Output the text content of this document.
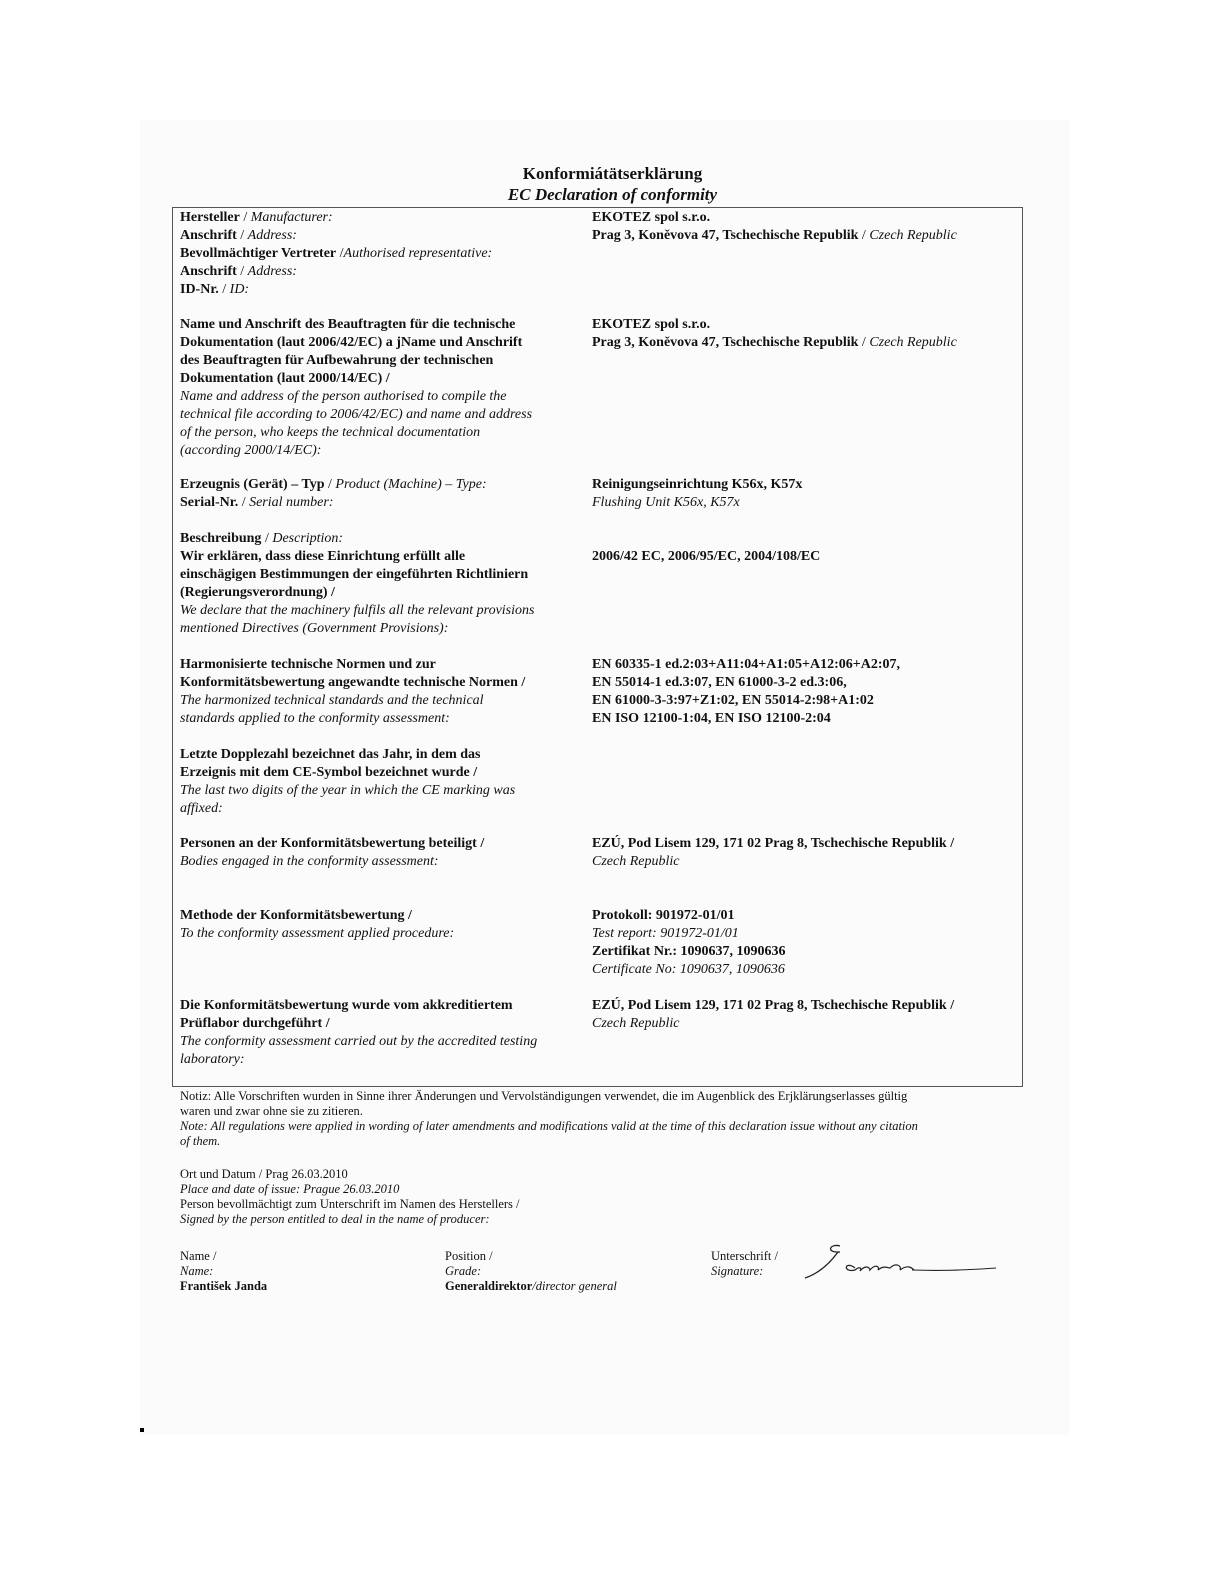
Konformiátätserklärung
EC Declaration of conformity
Hersteller / Manufacturer:
Anschrift / Address:
Bevollmächtiger Vertreter /Authorised representative:
Anschrift / Address:
ID-Nr. / ID:
EKOTEZ spol s.r.o.
Prag 3, Koněvova 47, Tschechische Republik / Czech Republic
Name und Anschrift des Beauftragten für die technische
Dokumentation (laut 2006/42/EC) a jName und Anschrift
des Beauftragten für Aufbewahrung der technischen
Dokumentation (laut 2000/14/EC) /
Name and address of the person authorised to compile the
technical file according to 2006/42/EC) and name and address
of the person, who keeps the technical documentation
(according 2000/14/EC):
EKOTEZ spol s.r.o.
Prag 3, Koněvova 47, Tschechische Republik / Czech Republic
Erzeugnis (Gerät) – Typ / Product (Machine) – Type:
Serial-Nr. / Serial number:
Reinigungseinrichtung K56x, K57x
Flushing Unit K56x, K57x
Beschreibung / Description:
Wir erklären, dass diese Einrichtung erfüllt alle
einschägigen Bestimmungen der eingeführten Richtliniern
(Regierungsverordnung) /
We declare that the machinery fulfils all the relevant provisions
mentioned Directives (Government Provisions):
2006/42 EC, 2006/95/EC, 2004/108/EC
Harmonisierte technische Normen und zur
Konformitätsbewertung angewandte technische Normen /
The harmonized technical standards and the technical
standards applied to the conformity assessment:
EN 60335-1 ed.2:03+A11:04+A1:05+A12:06+A2:07,
EN 55014-1 ed.3:07, EN 61000-3-2 ed.3:06,
EN 61000-3-3:97+Z1:02, EN 55014-2:98+A1:02
EN ISO 12100-1:04, EN ISO 12100-2:04
Letzte Dopplezahl bezeichnet das Jahr, in dem das
Erzeignis mit dem CE-Symbol bezeichnet wurde /
The last two digits of the year in which the CE marking was
affixed:
Personen an der Konformitätsbewertung beteiligt /
Bodies engaged in the conformity assessment:
EZÚ, Pod Lisem 129, 171 02 Prag 8, Tschechische Republik /
Czech Republic
Methode der Konformitätsbewertung /
To the conformity assessment applied procedure:
Protokoll: 901972-01/01
Test report: 901972-01/01
Zertifikat Nr.: 1090637, 1090636
Certificate No: 1090637, 1090636
Die Konformitätsbewertung wurde vom akkreditiertem
Prüflabor durchgeführt /
The conformity assessment carried out by the accredited testing
laboratory:
EZÚ, Pod Lisem 129, 171 02 Prag 8, Tschechische Republik /
Czech Republic
Notiz: Alle Vorschriften wurden in Sinne ihrer Änderungen und Vervolständigungen verwendet, die im Augenblick des Erjklärungserlasses gültig
waren und zwar ohne sie zu zitieren.
Note: All regulations were applied in wording of later amendments and modifications valid at the time of this declaration issue without any citation
of them.
Ort und Datum / Prag 26.03.2010
Place and date of issue: Prague 26.03.2010
Person bevollmächtigt zum Unterschrift im Namen des Herstellers /
Signed by the person entitled to deal in the name of producer:
Name /
Name:
František Janda
Position /
Grade:
Generaldirektor/director general
Unterschrift /
Signature:
